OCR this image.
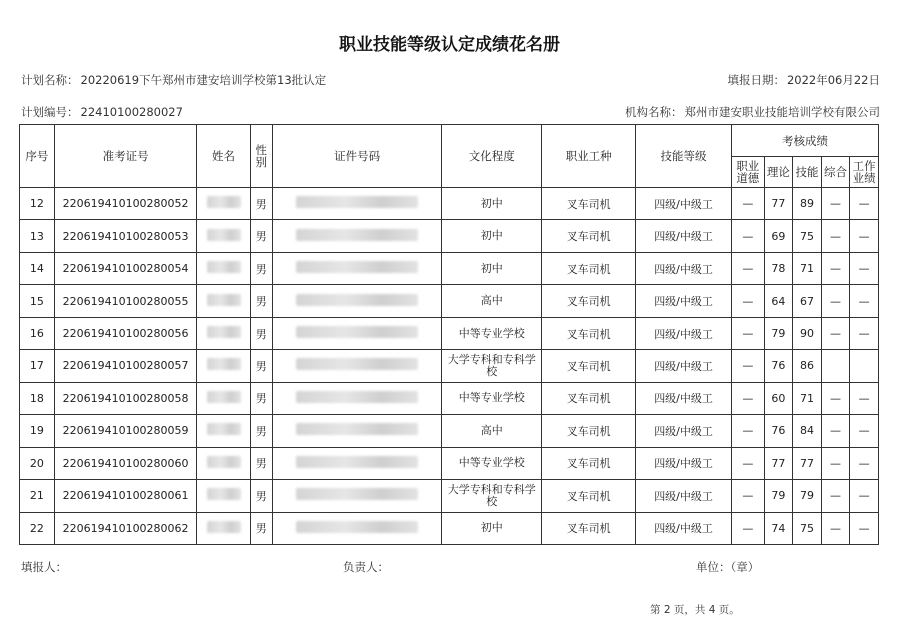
职业技能等级认定成绩花名册
计划名称： 20220619下午郑州市建安培训学校第13批认定	填报日期： 2022年06月22日
计划编号： 22410100280027	机构名称： 郑州市建安职业技能培训学校有限公司
序号	准考证号	姓名	性别	证件号码	文化程度	职业工种	技能等级	考核成绩				
								职业道德	理论	技能	综合	工作业绩
12	220619410100280052		男		初中	叉车司机	四级/中级工	—	77	89	—	—
13	220619410100280053		男		初中	叉车司机	四级/中级工	—	69	75	—	—
14	220619410100280054		男		初中	叉车司机	四级/中级工	—	78	71	—	—
15	220619410100280055		男		高中	叉车司机	四级/中级工	—	64	67	—	—
16	220619410100280056		男		中等专业学校	叉车司机	四级/中级工	—	79	90	—	—
17	220619410100280057		男		大学专科和专科学校	叉车司机	四级/中级工	—	76	86		
18	220619410100280058		男		中等专业学校	叉车司机	四级/中级工	—	60	71	—	—
19	220619410100280059		男		高中	叉车司机	四级/中级工	—	76	84	—	—
20	220619410100280060		男		中等专业学校	叉车司机	四级/中级工	—	77	77	—	—
21	220619410100280061		男		大学专科和专科学校	叉车司机	四级/中级工	—	79	79	—	—
22	220619410100280062		男		初中	叉车司机	四级/中级工	—	74	75	—	—
填报人：	负责人：	单位：（章）
第 2 页，共 4 页。
